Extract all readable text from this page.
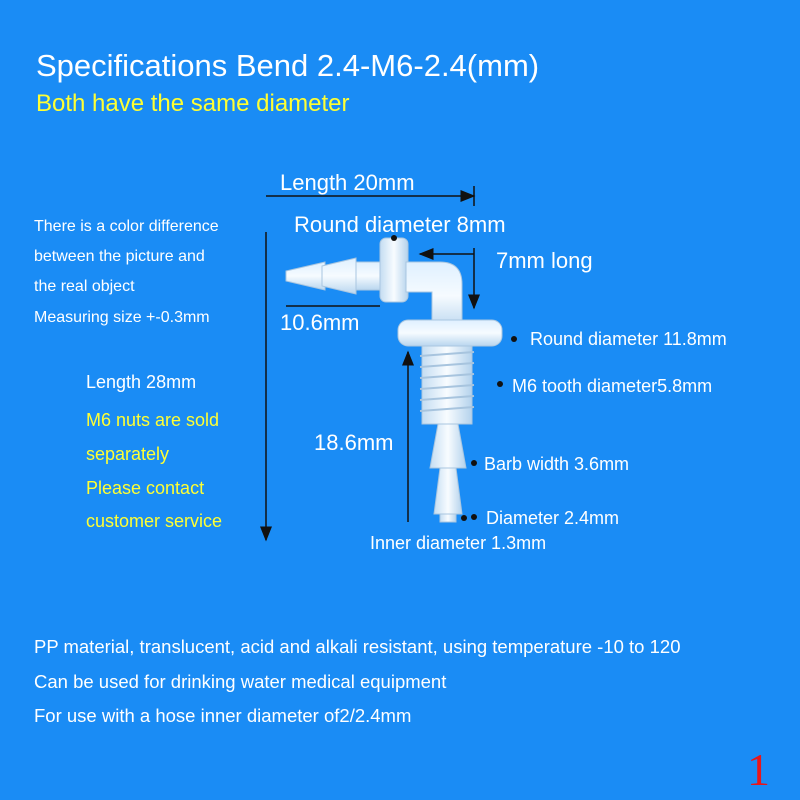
Specifications Bend 2.4-M6-2.4(mm)
Both have the same diameter
There is a color difference
between the picture and
the real object
Measuring size +-0.3mm
Length 28mm
M6 nuts are sold
separately
Please contact
customer service
Length 20mm
Round diameter 8mm
7mm long
10.6mm
Round diameter 11.8mm
M6 tooth diameter5.8mm
18.6mm
Barb width 3.6mm
Diameter 2.4mm
Inner diameter 1.3mm
PP material, translucent, acid and alkali resistant, using temperature -10 to 120
Can be used for drinking water medical equipment
For use with a hose inner diameter of2/2.4mm
1
